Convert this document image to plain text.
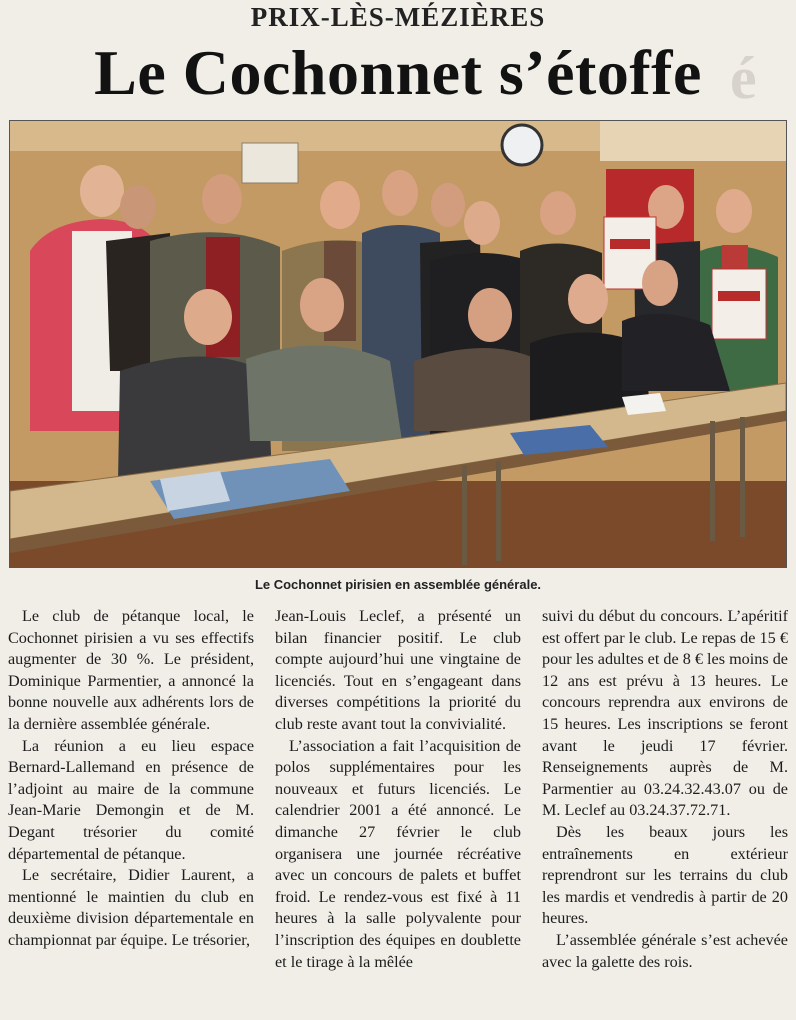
PRIX-LÈS-MÉZIÈRES
é
Le Cochonnet s’étoffe
Le Cochonnet pirisien en assemblée générale.

Le club de pétanque local, le Cochonnet pirisien a vu ses effectifs augmenter de 30 %. Le président, Dominique Parmentier, a annoncé la bonne nouvelle aux adhérents lors de la dernière assemblée générale.

La réunion a eu lieu espace Bernard-Lallemand en présence de l’adjoint au maire de la commune Jean-Marie Demongin et de M. Degant trésorier du comité départemental de pétanque.

Le secrétaire, Didier Laurent, a mentionné le maintien du club en deuxième division départementale en championnat par équipe. Le trésorier,

Jean-Louis Leclef, a présenté un bilan financier positif. Le club compte aujourd’hui une vingtaine de licenciés. Tout en s’engageant dans diverses compétitions la priorité du club reste avant tout la convivialité.

L’association a fait l’acquisition de polos supplémentaires pour les nouveaux et futurs licenciés. Le calendrier 2001 a été annoncé. Le dimanche 27 février le club organisera une journée récréative avec un concours de palets et buffet froid. Le rendez-vous est fixé à 11 heures à la salle polyvalente pour l’inscription des équipes en doublette et le tirage à la mêlée

suivi du début du concours. L’apéritif est offert par le club. Le repas de 15 € pour les adultes et de 8 € les moins de 12 ans est prévu à 13 heures. Le concours reprendra aux environs de 15 heures. Les inscriptions se feront avant le jeudi 17 février. Renseignements auprès de M. Parmentier au 03.24.32.43.07 ou de M. Leclef au 03.24.37.72.71.

Dès les beaux jours les entraînements en extérieur reprendront sur les terrains du club les mardis et vendredis à partir de 20 heures.

L’assemblée générale s’est achevée avec la galette des rois.
